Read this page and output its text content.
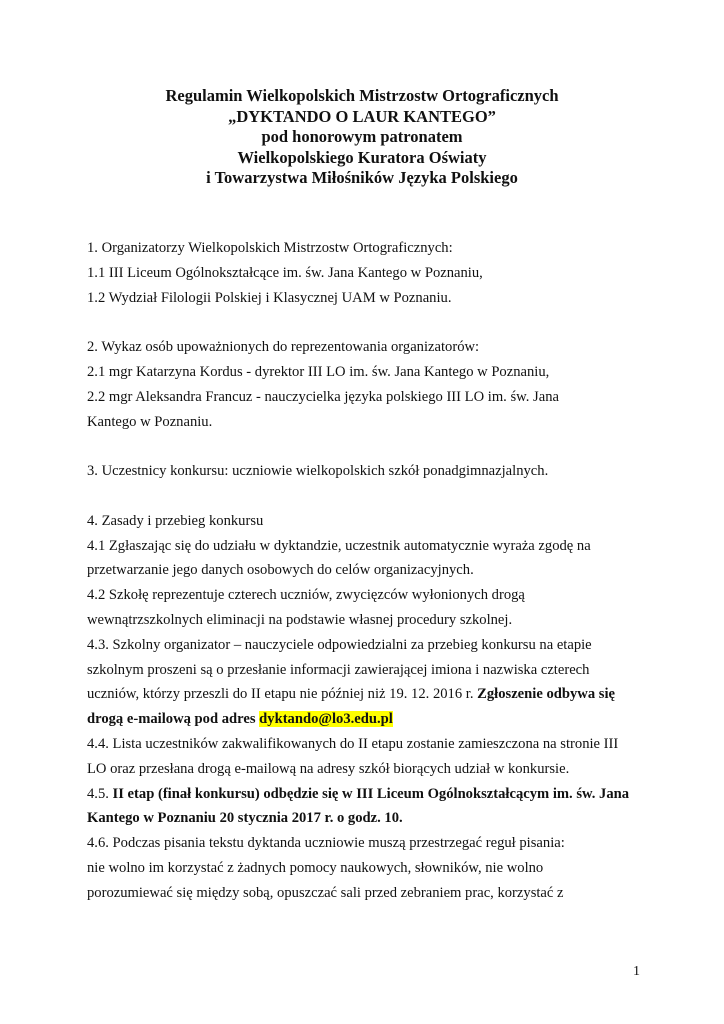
Regulamin Wielkopolskich Mistrzostw Ortograficznych
„DYKTANDO O LAUR KANTEGO”
pod honorowym patronatem
Wielkopolskiego Kuratora Oświaty
i Towarzystwa Miłośników Języka Polskiego
1. Organizatorzy Wielkopolskich Mistrzostw Ortograficznych:
1.1 III Liceum Ogólnokształcące im. św. Jana Kantego w Poznaniu,
1.2 Wydział Filologii Polskiej i Klasycznej UAM w Poznaniu.
2. Wykaz osób upoważnionych do reprezentowania organizatorów:
2.1 mgr Katarzyna Kordus - dyrektor III LO im. św. Jana Kantego w Poznaniu,
2.2 mgr Aleksandra Francuz - nauczycielka języka polskiego III LO im. św. Jana
Kantego w Poznaniu.
3. Uczestnicy konkursu: uczniowie wielkopolskich szkół ponadgimnazjalnych.
4. Zasady i przebieg konkursu
4.1 Zgłaszając się do udziału w dyktandzie, uczestnik automatycznie wyraża zgodę na
przetwarzanie jego danych osobowych do celów organizacyjnych.
4.2 Szkołę reprezentuje czterech uczniów, zwycięzców wyłonionych drogą
wewnątrzszkolnych eliminacji na podstawie własnej procedury szkolnej.
4.3. Szkolny organizator – nauczyciele odpowiedzialni za przebieg konkursu na etapie
szkolnym proszeni są o przesłanie informacji zawierającej imiona i nazwiska czterech
uczniów, którzy przeszli do II etapu nie później niż 19. 12. 2016 r. Zgłoszenie odbywa się
drogą e-mailową pod adres dyktando@lo3.edu.pl
4.4. Lista uczestników zakwalifikowanych do II etapu zostanie zamieszczona na stronie III
LO oraz przesłana drogą e-mailową na adresy szkół biorących udział w konkursie.
4.5. II etap (finał konkursu) odbędzie się w III Liceum Ogólnokształcącym im. św. Jana
Kantego w Poznaniu 20 stycznia 2017 r. o godz. 10.
4.6. Podczas pisania tekstu dyktanda uczniowie muszą przestrzegać reguł pisania:
nie wolno im korzystać z żadnych pomocy naukowych, słowników, nie wolno
porozumiewać się między sobą, opuszczać sali przed zebraniem prac, korzystać z
1
